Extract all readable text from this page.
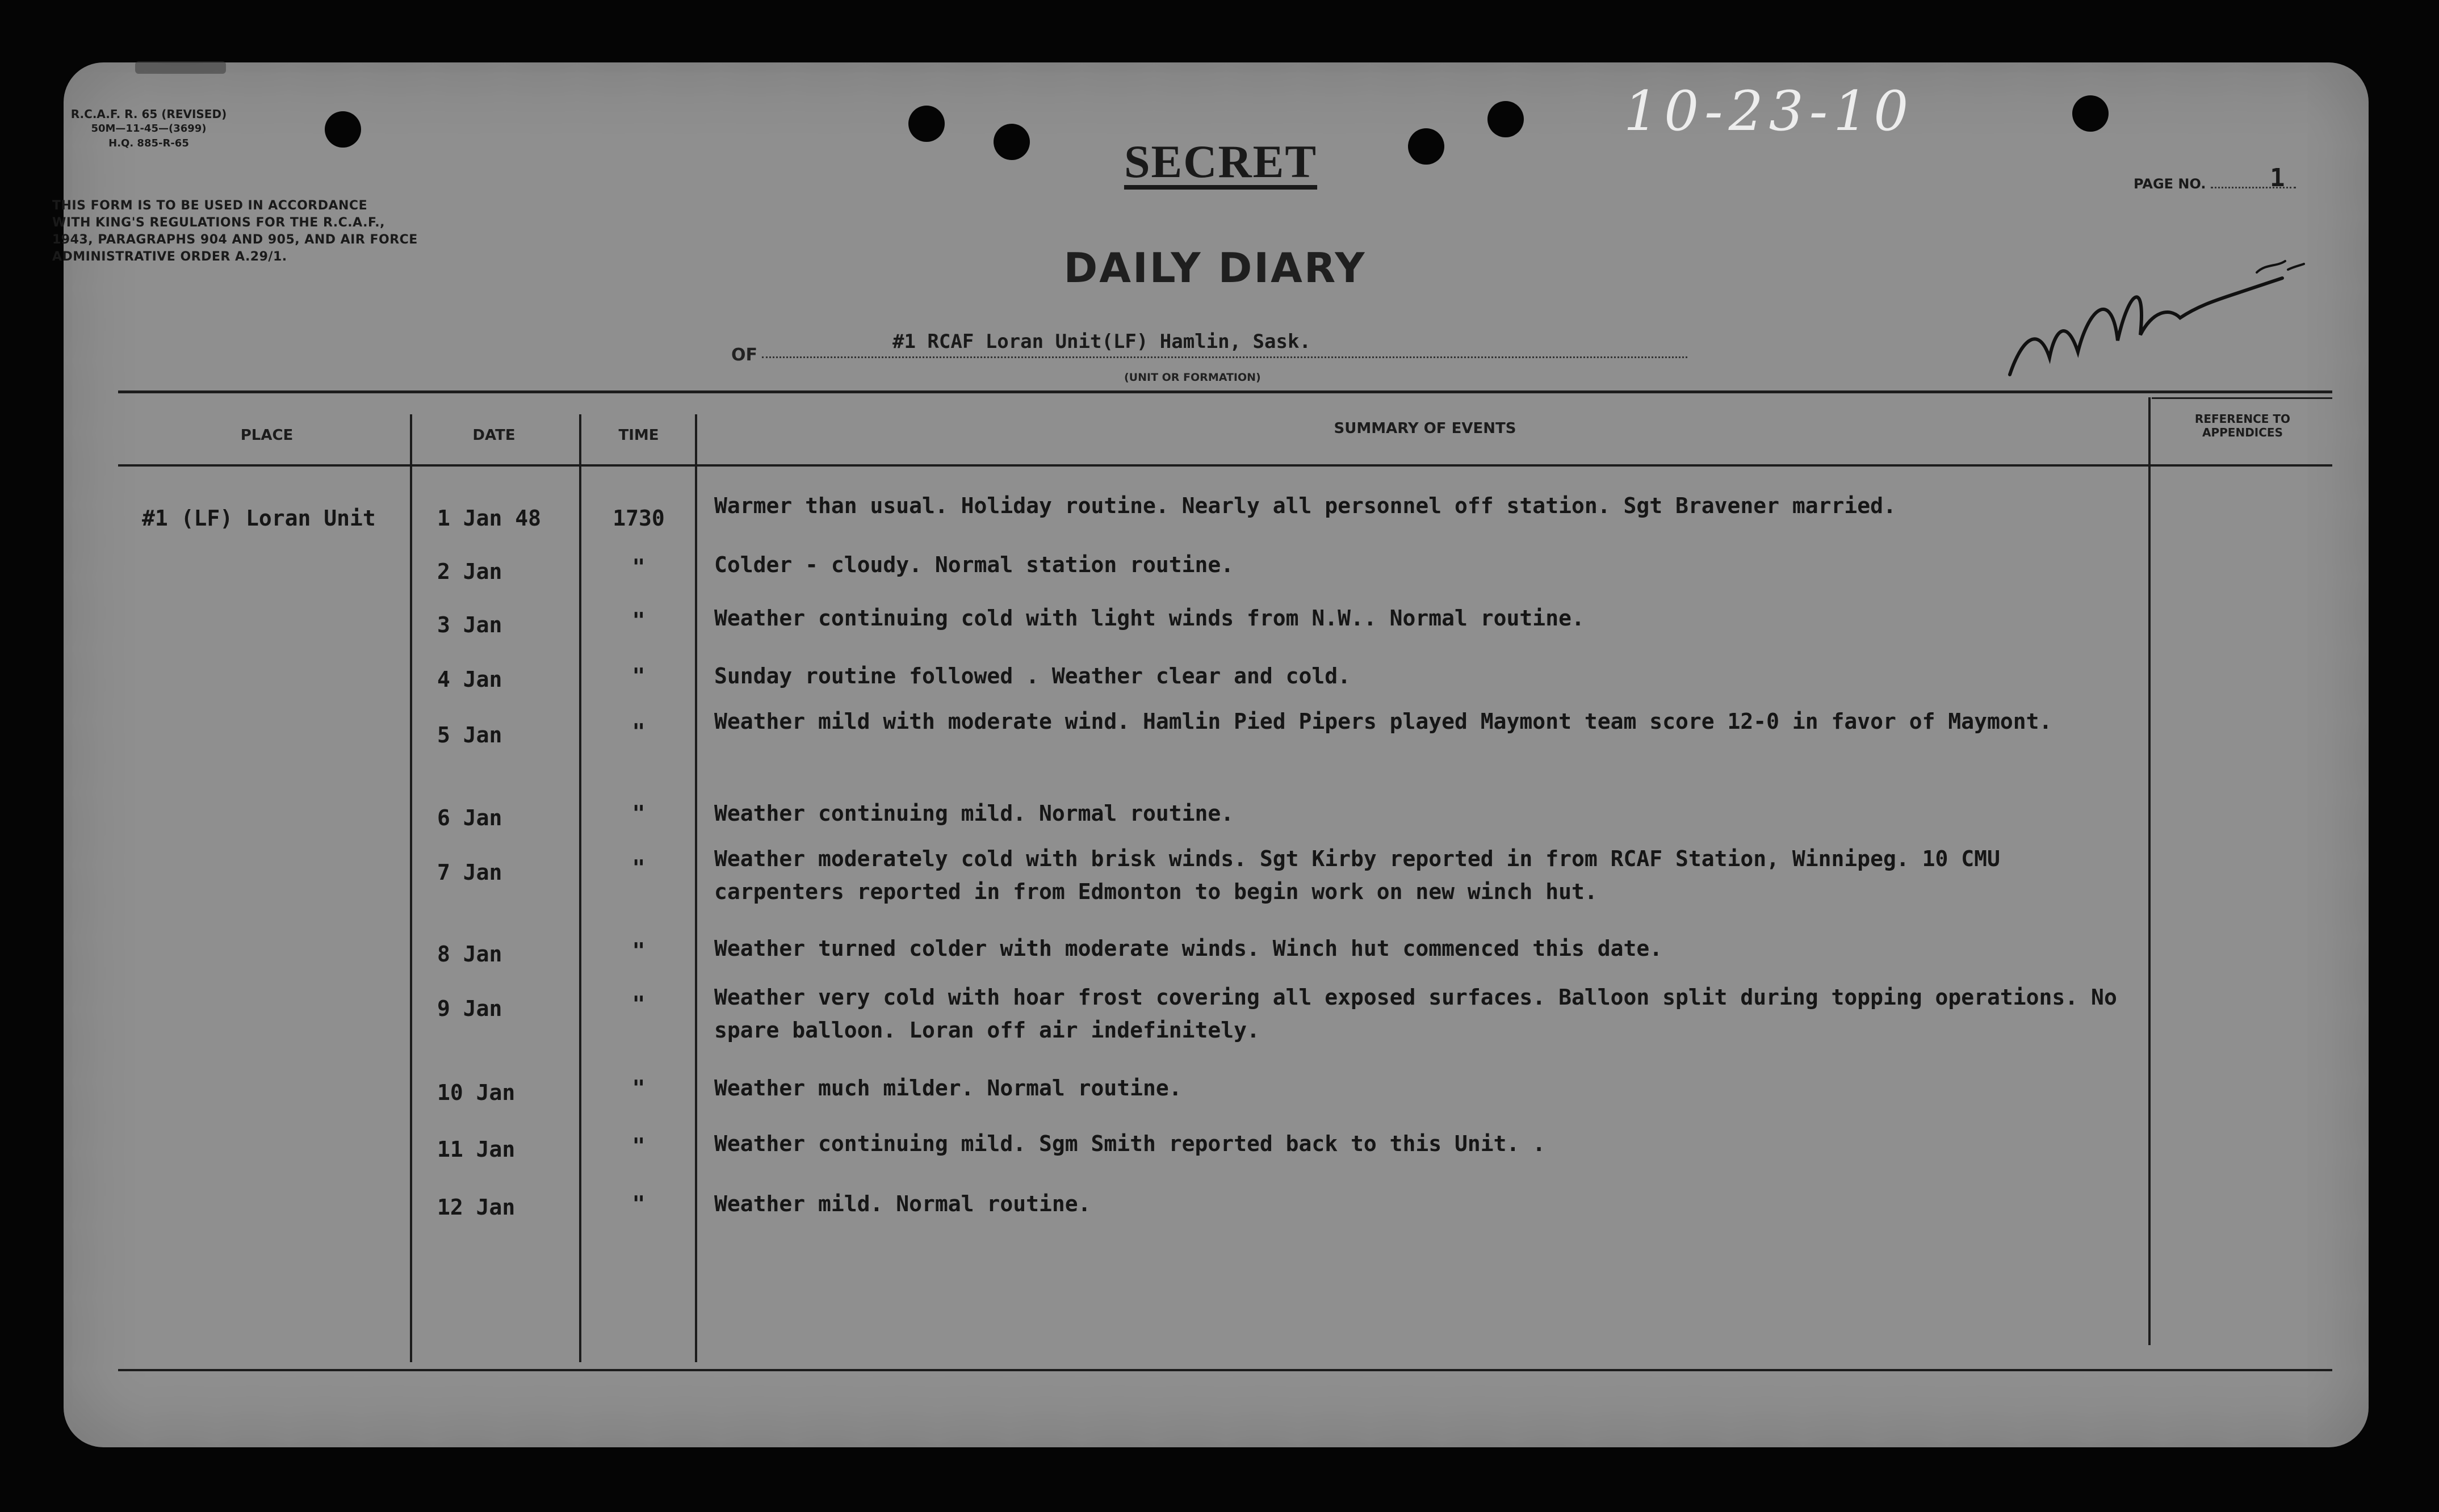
R.C.A.F. R. 65 (REVISED)
50M—11-45—(3699)
H.Q. 885-R-65
THIS FORM IS TO BE USED IN ACCORDANCE
WITH KING'S REGULATIONS FOR THE R.C.A.F.,
1943, PARAGRAPHS 904 AND 905, AND AIR FORCE
ADMINISTRATIVE ORDER A.29/1.
SECRET	PAGE NO.	1
10-23-10
DAILY DIARY
OF
#1 RCAF Loran Unit(LF) Hamlin, Sask.
(UNIT OR FORMATION)
PLACE	DATE	TIME	SUMMARY OF EVENTS
REFERENCE TO
APPENDICES
#1 (LF) Loran Unit	1 Jan 48	1730	Warmer than usual. Holiday routine. Nearly all personnel off station. Sgt Bravener married.
2 Jan	"	Colder - cloudy. Normal station routine.
3 Jan	"	Weather continuing cold with light winds from N.W.. Normal routine.
4 Jan	"	Sunday routine followed . Weather clear and cold.
5 Jan	"	Weather mild with moderate wind. Hamlin Pied Pipers played Maymont team score 12-0 in favor of Maymont.
6 Jan	"	Weather continuing mild. Normal routine.
7 Jan	"	Weather moderately cold with brisk winds. Sgt Kirby reported in from RCAF Station, Winnipeg. 10 CMU carpenters reported in from Edmonton to begin work on new winch hut.
8 Jan	"	Weather turned colder with moderate winds. Winch hut commenced this date.
9 Jan	"	Weather very cold with hoar frost covering all exposed surfaces. Balloon split during topping operations. No spare balloon. Loran off air indefinitely.
10 Jan	"	Weather much milder. Normal routine.
11 Jan	"	Weather continuing mild. Sgm Smith reported back to this Unit. .
12 Jan	"	Weather mild. Normal routine.
